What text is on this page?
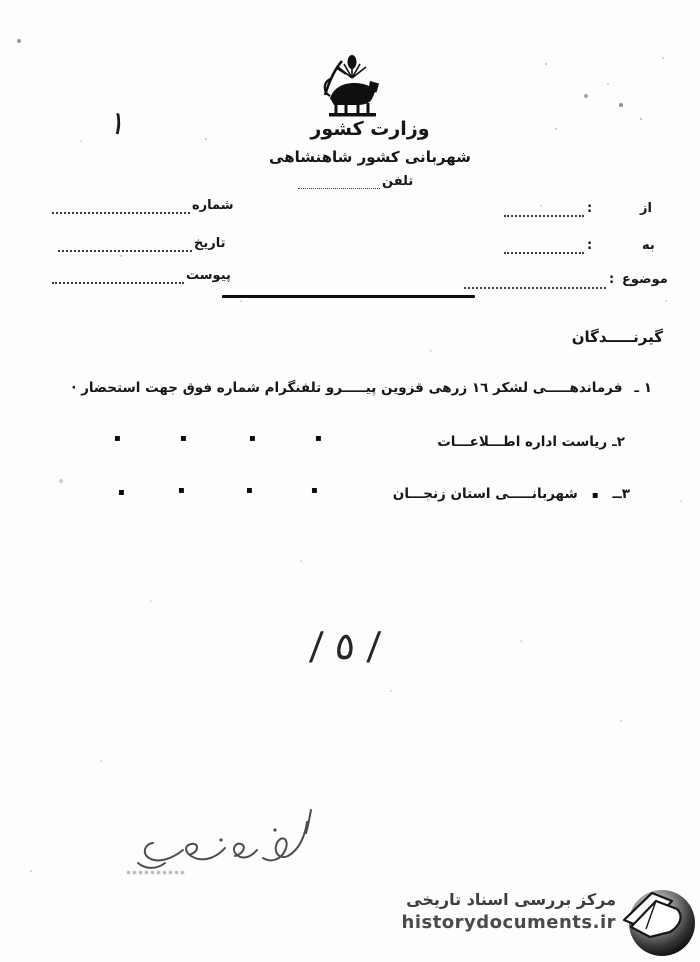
١	وزارت کشور
شهربانی کشور شاهنشاهی
تلفن
شماره
تاریخ
پیوست
از
:
به
:
موضوع
:
گیرنـــــدگان
١ ـ
فرماندهـــــی لشکر ١٦ زرهی قزوین پیـــــرو تلفنگرام شماره فوق جهت استحضار ·
٢ـ
ریاست اداره اطـــلاعـــات
▪
▪
▪
▪
٣ــ
▪
شهربانـــــی استان زنجـــان
▪
▪
▪
▪
/ ٥ /
مرکز بررسی اسناد تاریخی
historydocuments.ir
